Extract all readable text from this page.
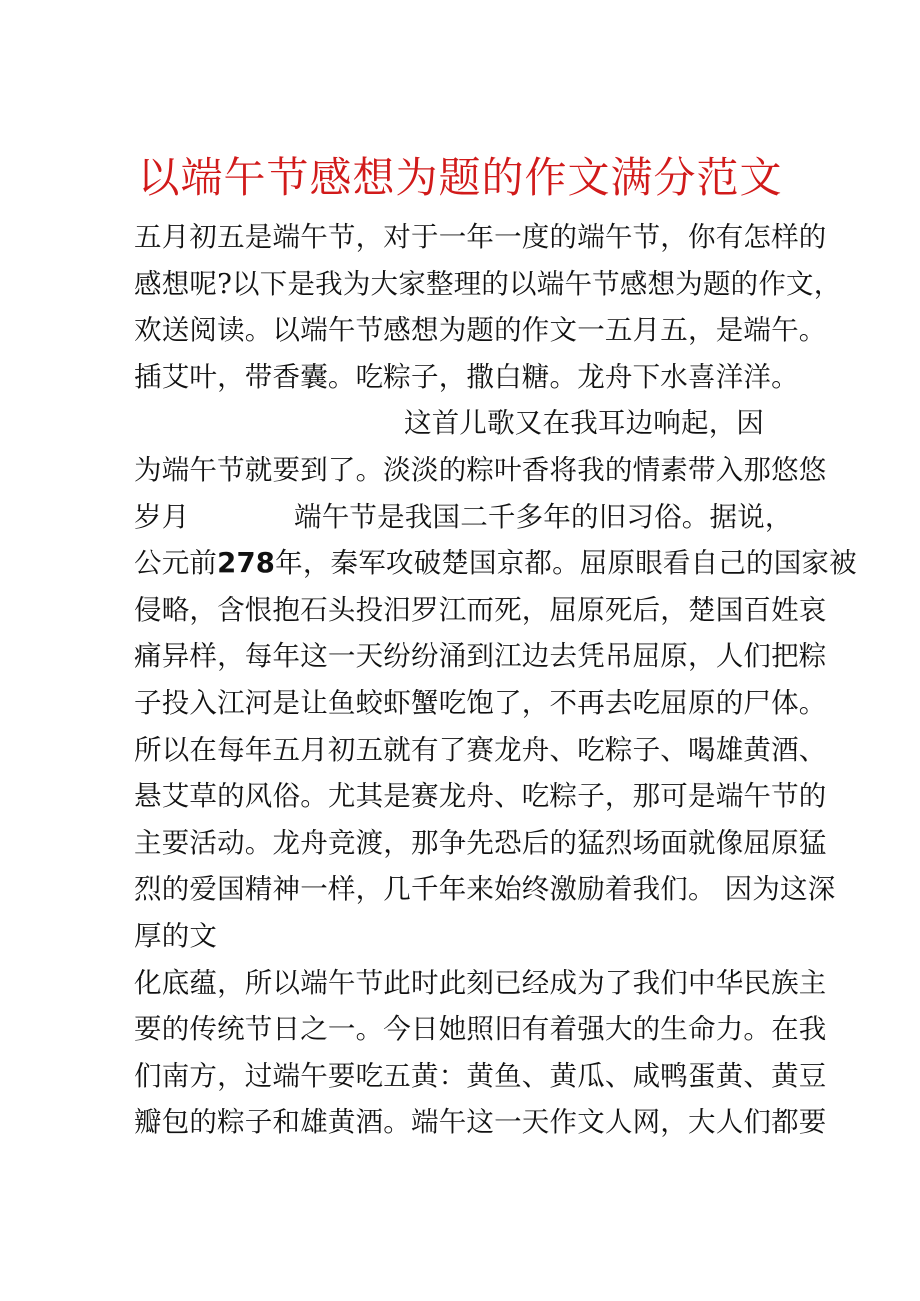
以端午节感想为题的作文满分范文
五月初五是端午节，对于一年一度的端午节，你有怎样的
感想呢?以下是我为大家整理的以端午节感想为题的作文，
欢送阅读。以端午节感想为题的作文一五月五，是端午。
插艾叶，带香囊。吃粽子，撒白糖。龙舟下水喜洋洋。
这首儿歌又在我耳边响起，因
为端午节就要到了。淡淡的粽叶香将我的情素带入那悠悠
岁月	端午节是我国二千多年的旧习俗。据说，
公元前278年，秦军攻破楚国京都。屈原眼看自己的国家被
侵略，含恨抱石头投汨罗江而死，屈原死后，楚国百姓哀
痛异样，每年这一天纷纷涌到江边去凭吊屈原，人们把粽
子投入江河是让鱼蛟虾蟹吃饱了，不再去吃屈原的尸体。
所以在每年五月初五就有了赛龙舟、吃粽子、喝雄黄酒、
悬艾草的风俗。尤其是赛龙舟、吃粽子，那可是端午节的
主要活动。龙舟竞渡，那争先恐后的猛烈场面就像屈原猛
烈的爱国精神一样，几千年来始终激励着我们。 因为这深
厚的文
化底蕴，所以端午节此时此刻已经成为了我们中华民族主
要的传统节日之一。今日她照旧有着强大的生命力。在我
们南方，过端午要吃五黄：黄鱼、黄瓜、咸鸭蛋黄、黄豆
瓣包的粽子和雄黄酒。端午这一天作文人网，大人们都要
